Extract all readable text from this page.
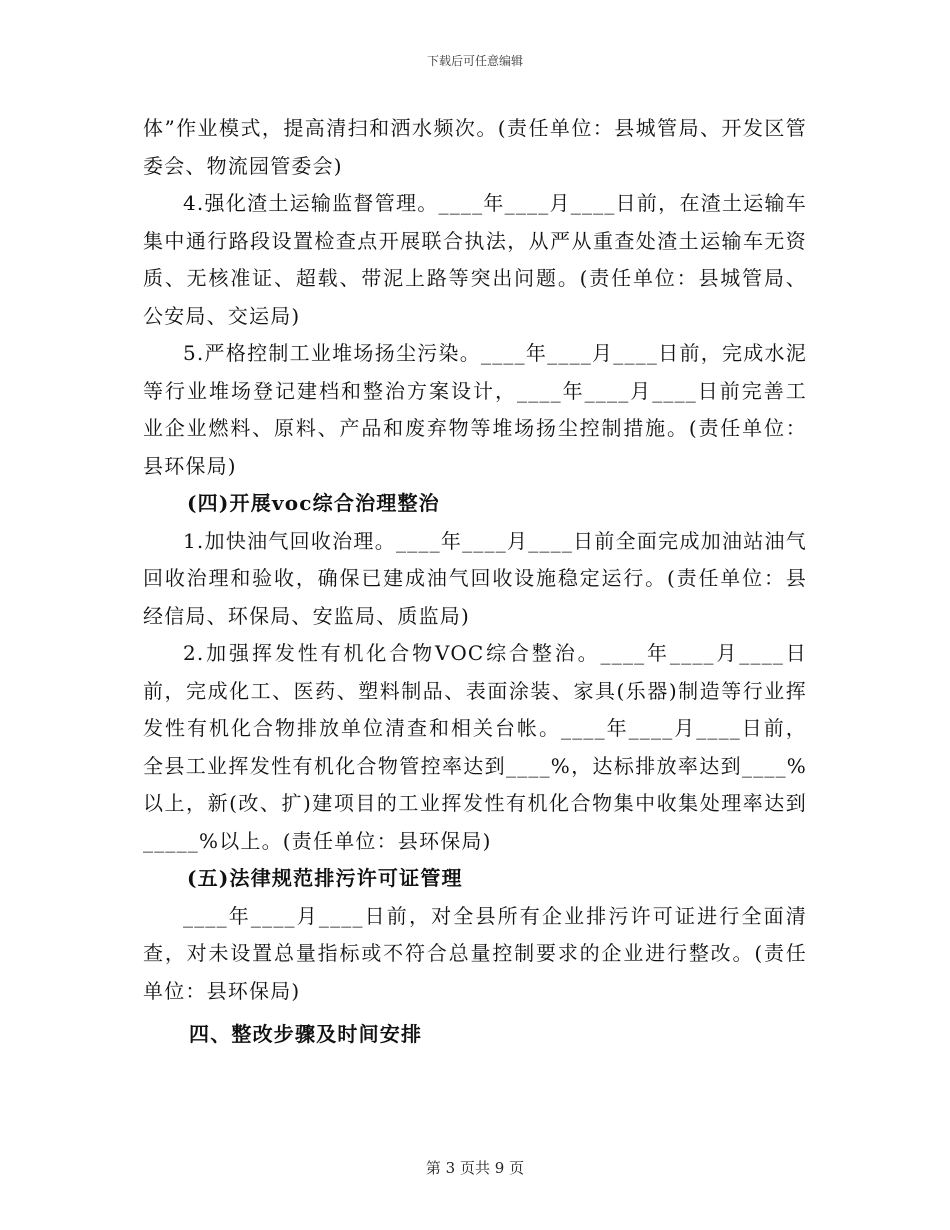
下载后可任意编辑

体”作业模式，提高清扫和洒水频次。(责任单位：县城管局、开发区管委会、物流园管委会)

4.强化渣土运输监督管理。____年____月____日前，在渣土运输车集中通行路段设置检查点开展联合执法，从严从重查处渣土运输车无资质、无核准证、超载、带泥上路等突出问题。(责任单位：县城管局、公安局、交运局)

5.严格控制工业堆场扬尘污染。____年____月____日前，完成水泥等行业堆场登记建档和整治方案设计，____年____月____日前完善工业企业燃料、原料、产品和废弃物等堆场扬尘控制措施。(责任单位：县环保局)

(四)开展voc综合治理整治

1.加快油气回收治理。____年____月____日前全面完成加油站油气回收治理和验收，确保已建成油气回收设施稳定运行。(责任单位：县经信局、环保局、安监局、质监局)

2.加强挥发性有机化合物VOC综合整治。____年____月____日前，完成化工、医药、塑料制品、表面涂装、家具(乐器)制造等行业挥发性有机化合物排放单位清查和相关台帐。____年____月____日前，全县工业挥发性有机化合物管控率达到____%，达标排放率达到____%以上，新(改、扩)建项目的工业挥发性有机化合物集中收集处理率达到_____%以上。(责任单位：县环保局)

(五)法律规范排污许可证管理

____年____月____日前，对全县所有企业排污许可证进行全面清查，对未设置总量指标或不符合总量控制要求的企业进行整改。(责任单位：县环保局)

四、整改步骤及时间安排

第 3 页共 9 页
